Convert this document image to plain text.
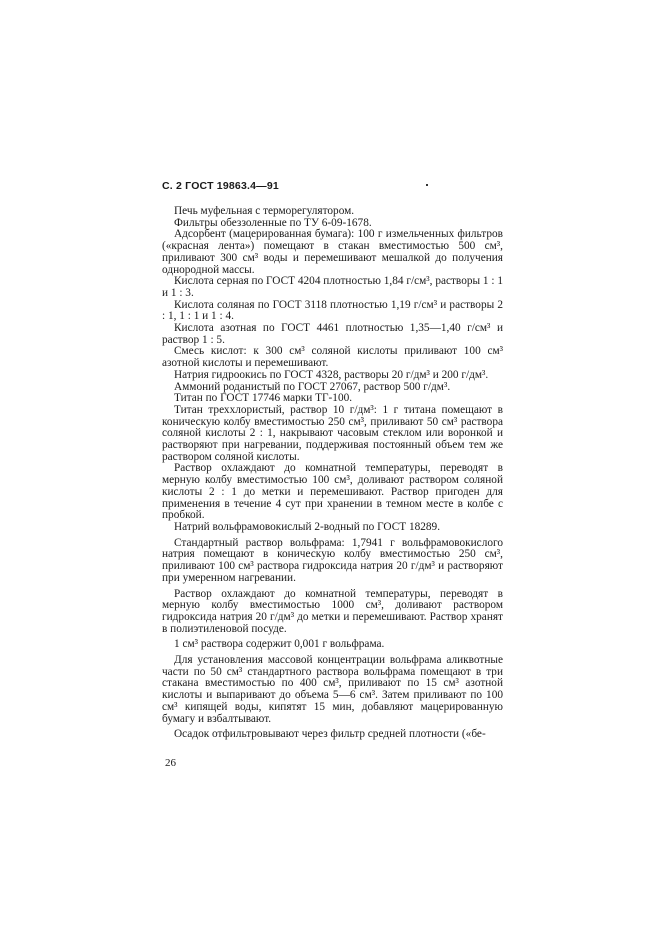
С. 2 ГОСТ 19863.4—91

Печь муфельная с терморегулятором.

Фильтры обеззоленные по ТУ 6-09-1678.

Адсорбент (мацерированная бумага): 100 г измельченных фильтров («красная лента») помещают в стакан вместимостью 500 см³, приливают 300 см³ воды и перемешивают мешалкой до получения однородной массы.

Кислота серная по ГОСТ 4204 плотностью 1,84 г/см³, растворы 1 : 1 и 1 : 3.

Кислота соляная по ГОСТ 3118 плотностью 1,19 г/см³ и растворы 2 : 1, 1 : 1 и 1 : 4.

Кислота азотная по ГОСТ 4461 плотностью 1,35—1,40 г/см³ и раствор 1 : 5.

Смесь кислот: к 300 см³ соляной кислоты приливают 100 см³ азотной кислоты и перемешивают.

Натрия гидроокись по ГОСТ 4328, растворы 20 г/дм³ и 200 г/дм³.

Аммоний роданистый по ГОСТ 27067, раствор 500 г/дм³.

Титан по ГОСТ 17746 марки ТГ-100.

Титан треххлористый, раствор 10 г/дм³: 1 г титана помещают в коническую колбу вместимостью 250 см³, приливают 50 см³ раствора соляной кислоты 2 : 1, накрывают часовым стеклом или воронкой и растворяют при нагревании, поддерживая постоянный объем тем же раствором соляной кислоты.

Раствор охлаждают до комнатной температуры, переводят в мерную колбу вместимостью 100 см³, доливают раствором соляной кислоты 2 : 1 до метки и перемешивают. Раствор пригоден для применения в течение 4 сут при хранении в темном месте в колбе с пробкой.

Натрий вольфрамовокислый 2-водный по ГОСТ 18289.

Стандартный раствор вольфрама: 1,7941 г вольфрамовокислого натрия помещают в коническую колбу вместимостью 250 см³, приливают 100 см³ раствора гидроксида натрия 20 г/дм³ и растворяют при умеренном нагревании.

Раствор охлаждают до комнатной температуры, переводят в мерную колбу вместимостью 1000 см³, доливают раствором гидроксида натрия 20 г/дм³ до метки и перемешивают. Раствор хранят в полиэтиленовой посуде.

1 см³ раствора содержит 0,001 г вольфрама.

Для установления массовой концентрации вольфрама аликвотные части по 50 см³ стандартного раствора вольфрама помещают в три стакана вместимостью по 400 см³, приливают по 15 см³ азотной кислоты и выпаривают до объема 5—6 см³. Затем приливают по 100 см³ кипящей воды, кипятят 15 мин, добавляют мацерированную бумагу и взбалтывают.

Осадок отфильтровывают через фильтр средней плотности («бе-

26
